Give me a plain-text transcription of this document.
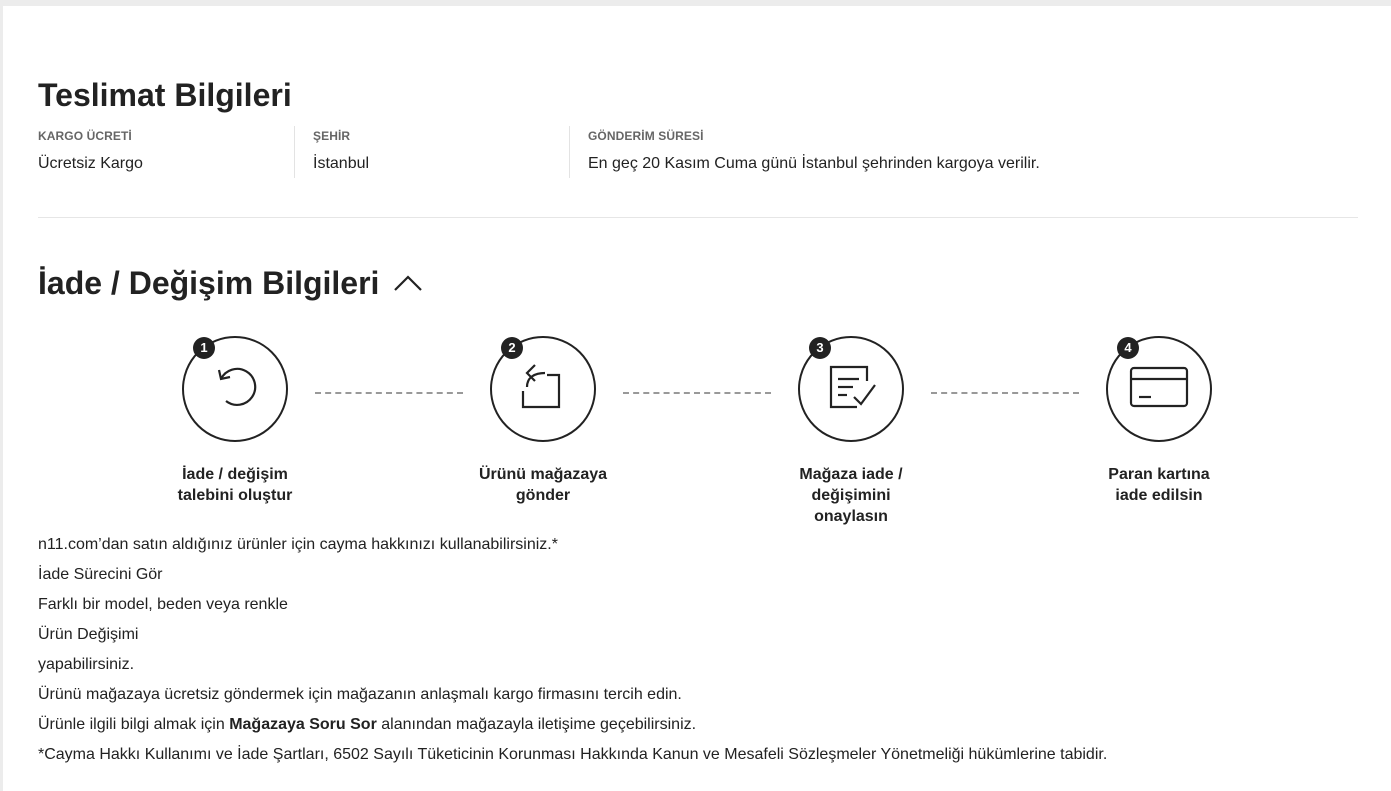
Teslimat Bilgileri
KARGO ÜCRETİ
Ücretsiz Kargo
ŞEHİR
İstanbul
GÖNDERİM SÜRESİ
En geç 20 Kasım Cuma günü İstanbul şehrinden kargoya verilir.
İade / Değişim Bilgileri
1
İade / değişim
talebini oluştur
2
Ürünü mağazaya
gönder
3
Mağaza iade / değişimini
onaylasın
4
Paran kartına
iade edilsin

n11.com’dan satın aldığınız ürünler için cayma hakkınızı kullanabilirsiniz.*

İade Sürecini Gör

Farklı bir model, beden veya renkle

Ürün Değişimi

yapabilirsiniz.

Ürünü mağazaya ücretsiz göndermek için mağazanın anlaşmalı kargo firmasını tercih edin.

Ürünle ilgili bilgi almak için Mağazaya Soru Sor alanından mağazayla iletişime geçebilirsiniz.

*Cayma Hakkı Kullanımı ve İade Şartları, 6502 Sayılı Tüketicinin Korunması Hakkında Kanun ve Mesafeli Sözleşmeler Yönetmeliği hükümlerine tabidir.
